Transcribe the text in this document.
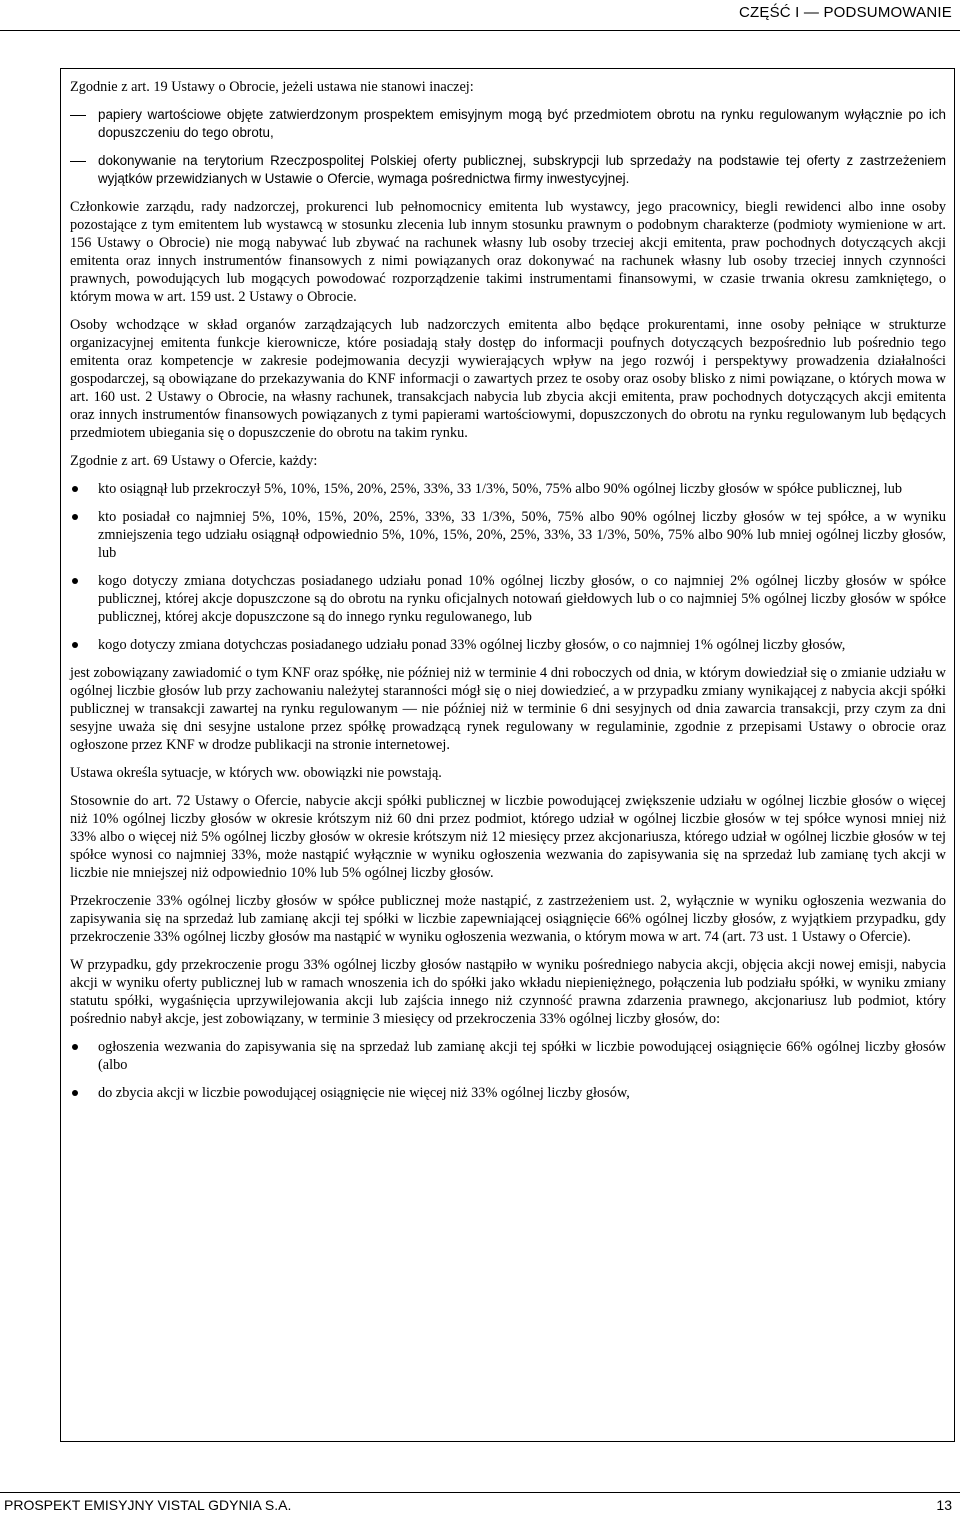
CZĘŚĆ I — PODSUMOWANIE

Zgodnie z art. 19 Ustawy o Obrocie, jeżeli ustawa nie stanowi inaczej:

papiery wartościowe objęte zatwierdzonym prospektem emisyjnym mogą być przedmiotem obrotu na rynku regulowanym wyłącznie po ich dopuszczeniu do tego obrotu,
dokonywanie na terytorium Rzeczpospolitej Polskiej oferty publicznej, subskrypcji lub sprzedaży na podstawie tej oferty z zastrzeżeniem wyjątków przewidzianych w Ustawie o Ofercie, wymaga pośrednictwa firmy inwestycyjnej.

Członkowie zarządu, rady nadzorczej, prokurenci lub pełnomocnicy emitenta lub wystawcy, jego pracownicy, biegli rewidenci albo inne osoby pozostające z tym emitentem lub wystawcą w stosunku zlecenia lub innym stosunku prawnym o podobnym charakterze (podmioty wymienione w art. 156 Ustawy o Obrocie) nie mogą nabywać lub zbywać na rachunek własny lub osoby trzeciej akcji emitenta, praw pochodnych dotyczących akcji emitenta oraz innych instrumentów finansowych z nimi powiązanych oraz dokonywać na rachunek własny lub osoby trzeciej innych czynności prawnych, powodujących lub mogących powodować rozporządzenie takimi instrumentami finansowymi, w czasie trwania okresu zamkniętego, o którym mowa w art. 159 ust. 2 Ustawy o Obrocie.

Osoby wchodzące w skład organów zarządzających lub nadzorczych emitenta albo będące prokurentami, inne osoby pełniące w strukturze organizacyjnej emitenta funkcje kierownicze, które posiadają stały dostęp do informacji poufnych dotyczących bezpośrednio lub pośrednio tego emitenta oraz kompetencje w zakresie podejmowania decyzji wywierających wpływ na jego rozwój i perspektywy prowadzenia działalności gospodarczej, są obowiązane do przekazywania do KNF informacji o zawartych przez te osoby oraz osoby blisko z nimi powiązane, o których mowa w art. 160 ust. 2 Ustawy o Obrocie, na własny rachunek, transakcjach nabycia lub zbycia akcji emitenta, praw pochodnych dotyczących akcji emitenta oraz innych instrumentów finansowych powiązanych z tymi papierami wartościowymi, dopuszczonych do obrotu na rynku regulowanym lub będących przedmiotem ubiegania się o dopuszczenie do obrotu na takim rynku.

Zgodnie z art. 69 Ustawy o Ofercie, każdy:

kto osiągnął lub przekroczył 5%, 10%, 15%, 20%, 25%, 33%, 33 1/3%, 50%, 75% albo 90% ogólnej liczby głosów w spółce publicznej, lub
kto posiadał co najmniej 5%, 10%, 15%, 20%, 25%, 33%, 33 1/3%, 50%, 75% albo 90% ogólnej liczby głosów w tej spółce, a w wyniku zmniejszenia tego udziału osiągnął odpowiednio 5%, 10%, 15%, 20%, 25%, 33%, 33 1/3%, 50%, 75% albo 90% lub mniej ogólnej liczby głosów, lub
kogo dotyczy zmiana dotychczas posiadanego udziału ponad 10% ogólnej liczby głosów, o co najmniej 2% ogólnej liczby głosów w spółce publicznej, której akcje dopuszczone są do obrotu na rynku oficjalnych notowań giełdowych lub o co najmniej 5% ogólnej liczby głosów w spółce publicznej, której akcje dopuszczone są do innego rynku regulowanego, lub
kogo dotyczy zmiana dotychczas posiadanego udziału ponad 33% ogólnej liczby głosów, o co najmniej 1% ogólnej liczby głosów,

jest zobowiązany zawiadomić o tym KNF oraz spółkę, nie później niż w terminie 4 dni roboczych od dnia, w którym dowiedział się o zmianie udziału w ogólnej liczbie głosów lub przy zachowaniu należytej staranności mógł się o niej dowiedzieć, a w przypadku zmiany wynikającej z nabycia akcji spółki publicznej w transakcji zawartej na rynku regulowanym — nie później niż w terminie 6 dni sesyjnych od dnia zawarcia transakcji, przy czym za dni sesyjne uważa się dni sesyjne ustalone przez spółkę prowadzącą rynek regulowany w regulaminie, zgodnie z przepisami Ustawy o obrocie oraz ogłoszone przez KNF w drodze publikacji na stronie internetowej.

Ustawa określa sytuacje, w których ww. obowiązki nie powstają.

Stosownie do art. 72 Ustawy o Ofercie, nabycie akcji spółki publicznej w liczbie powodującej zwiększenie udziału w ogólnej liczbie głosów o więcej niż 10% ogólnej liczby głosów w okresie krótszym niż 60 dni przez podmiot, którego udział w ogólnej liczbie głosów w tej spółce wynosi mniej niż 33% albo o więcej niż 5% ogólnej liczby głosów w okresie krótszym niż 12 miesięcy przez akcjonariusza, którego udział w ogólnej liczbie głosów w tej spółce wynosi co najmniej 33%, może nastąpić wyłącznie w wyniku ogłoszenia wezwania do zapisywania się na sprzedaż lub zamianę tych akcji w liczbie nie mniejszej niż odpowiednio 10% lub 5% ogólnej liczby głosów.

Przekroczenie 33% ogólnej liczby głosów w spółce publicznej może nastąpić, z zastrzeżeniem ust. 2, wyłącznie w wyniku ogłoszenia wezwania do zapisywania się na sprzedaż lub zamianę akcji tej spółki w liczbie zapewniającej osiągnięcie 66% ogólnej liczby głosów, z wyjątkiem przypadku, gdy przekroczenie 33% ogólnej liczby głosów ma nastąpić w wyniku ogłoszenia wezwania, o którym mowa w art. 74 (art. 73 ust. 1 Ustawy o Ofercie).

W przypadku, gdy przekroczenie progu 33% ogólnej liczby głosów nastąpiło w wyniku pośredniego nabycia akcji, objęcia akcji nowej emisji, nabycia akcji w wyniku oferty publicznej lub w ramach wnoszenia ich do spółki jako wkładu niepieniężnego, połączenia lub podziału spółki, w wyniku zmiany statutu spółki, wygaśnięcia uprzywilejowania akcji lub zajścia innego niż czynność prawna zdarzenia prawnego, akcjonariusz lub podmiot, który pośrednio nabył akcje, jest zobowiązany, w terminie 3 miesięcy od przekroczenia 33% ogólnej liczby głosów, do:

ogłoszenia wezwania do zapisywania się na sprzedaż lub zamianę akcji tej spółki w liczbie powodującej osiągnięcie 66% ogólnej liczby głosów (albo
do zbycia akcji w liczbie powodującej osiągnięcie nie więcej niż 33% ogólnej liczby głosów,
PROSPEKT EMISYJNY VISTAL GDYNIA S.A.	13
